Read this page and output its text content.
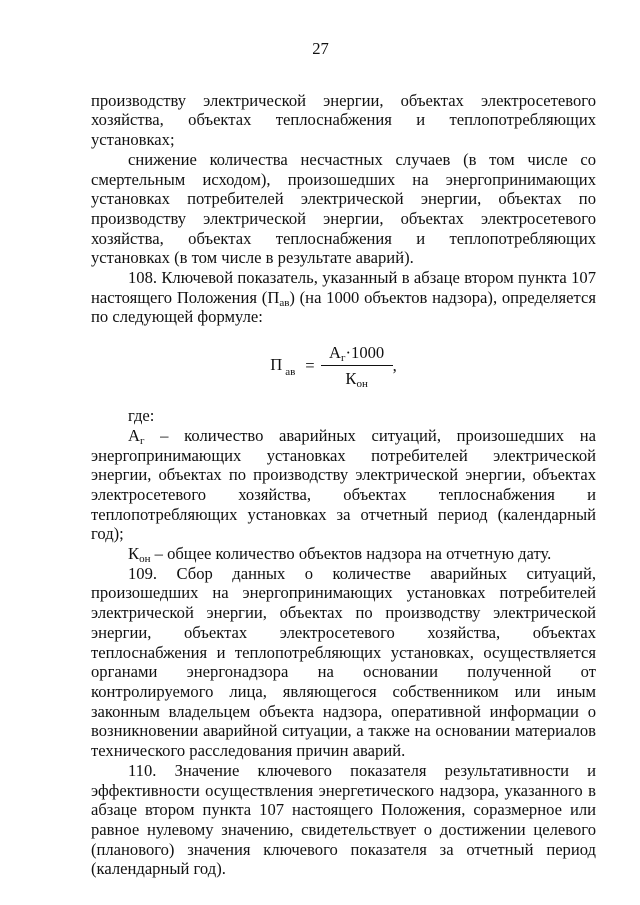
27

производству электрической энергии, объектах электросетевого хозяйства, объектах теплоснабжения и теплопотребляющих установках;

снижение количества несчастных случаев (в том числе со смертельным исходом), произошедших на энергопринимающих установках потребителей электрической энергии, объектах по производству электрической энергии, объектах электросетевого хозяйства, объектах теплоснабжения и теплопотребляющих установках (в том числе в результате аварий).

108. Ключевой показатель, указанный в абзаце втором пункта 107 настоящего Положения $(П_{ав})$ (на 1000 объектов надзора), определяется по следующей формуле:

П ав = $\frac{А_г\cdot 1000}{К_{он}}$ ,

где:

$А_г$ – количество аварийных ситуаций, произошедших на энергопринимающих установках потребителей электрической энергии, объектах по производству электрической энергии, объектах электросетевого хозяйства, объектах теплоснабжения и теплопотребляющих установках за отчетный период (календарный год);

$К_{он}$ – общее количество объектов надзора на отчетную дату.

109. Сбор данных о количестве аварийных ситуаций, произошедших на энергопринимающих установках потребителей электрической энергии, объектах по производству электрической энергии, объектах электросетевого хозяйства, объектах теплоснабжения и теплопотребляющих установках, осуществляется органами энергонадзора на основании полученной от контролируемого лица, являющегося собственником или иным законным владельцем объекта надзора, оперативной информации о возникновении аварийной ситуации, а также на основании материалов технического расследования причин аварий.

110. Значение ключевого показателя результативности и эффективности осуществления энергетического надзора, указанного в абзаце втором пункта 107 настоящего Положения, соразмерное или равное нулевому значению, свидетельствует о достижении целевого (планового) значения ключевого показателя за отчетный период (календарный год).
